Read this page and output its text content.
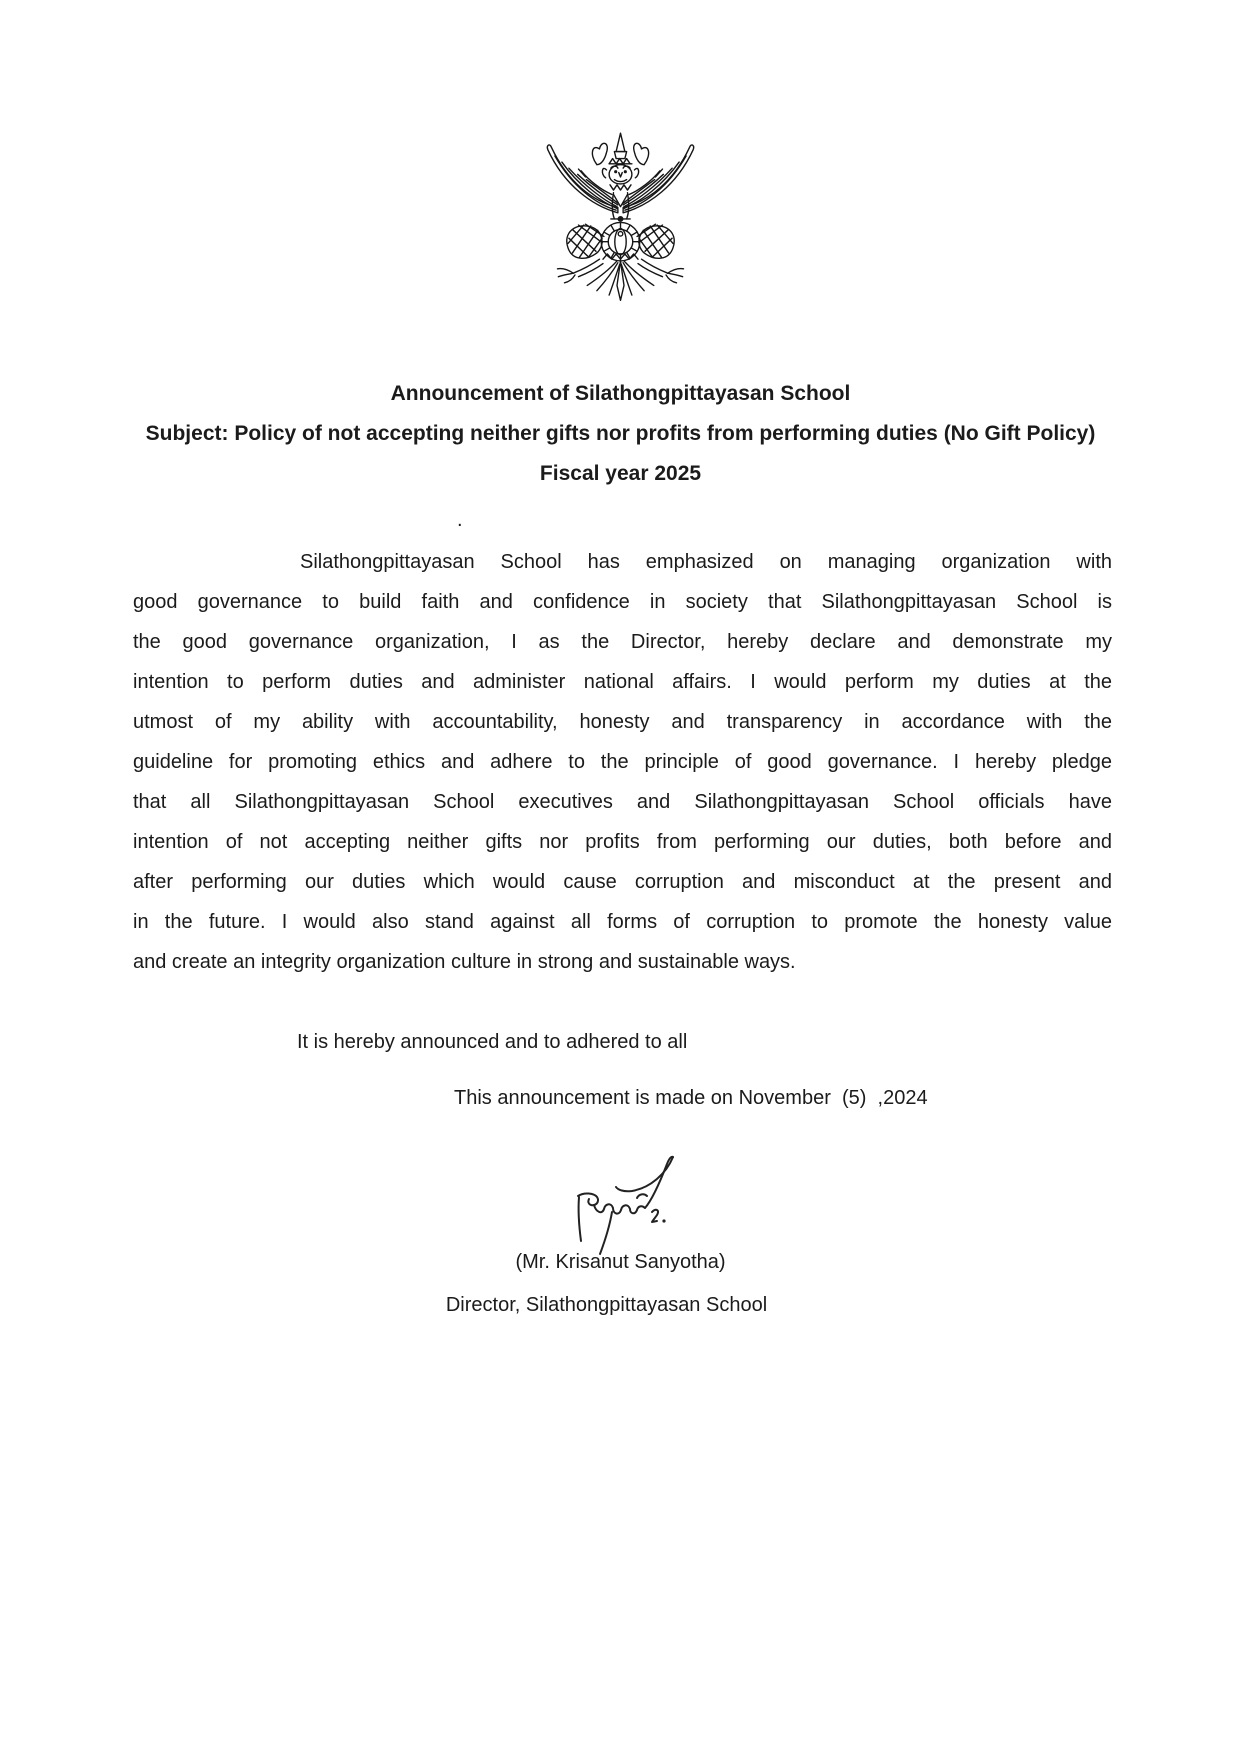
Announcement of Silathongpittayasan School
Subject: Policy of not accepting neither gifts nor profits from performing duties (No Gift Policy)
Fiscal year 2025
.
Silathongpittayasan School has emphasized on managing organization with
good governance to build faith and confidence in society that Silathongpittayasan School is
the good governance organization, I as the Director, hereby declare and demonstrate my
intention to perform duties and administer national affairs. I would perform my duties at the
utmost of my ability with accountability, honesty and transparency in accordance with the
guideline for promoting ethics and adhere to the principle of good governance. I hereby pledge
that all Silathongpittayasan School executives and Silathongpittayasan School officials have
intention of not accepting neither gifts nor profits from performing our duties, both before and
after performing our duties which would cause corruption and misconduct at the present and
in the future. I would also stand against all forms of corruption to promote the honesty value
and create an integrity organization culture in strong and sustainable ways.
It is hereby announced and to adhered to all
This announcement is made on November  (5)  ,2024
(Mr. Krisanut Sanyotha)
Director, Silathongpittayasan School
